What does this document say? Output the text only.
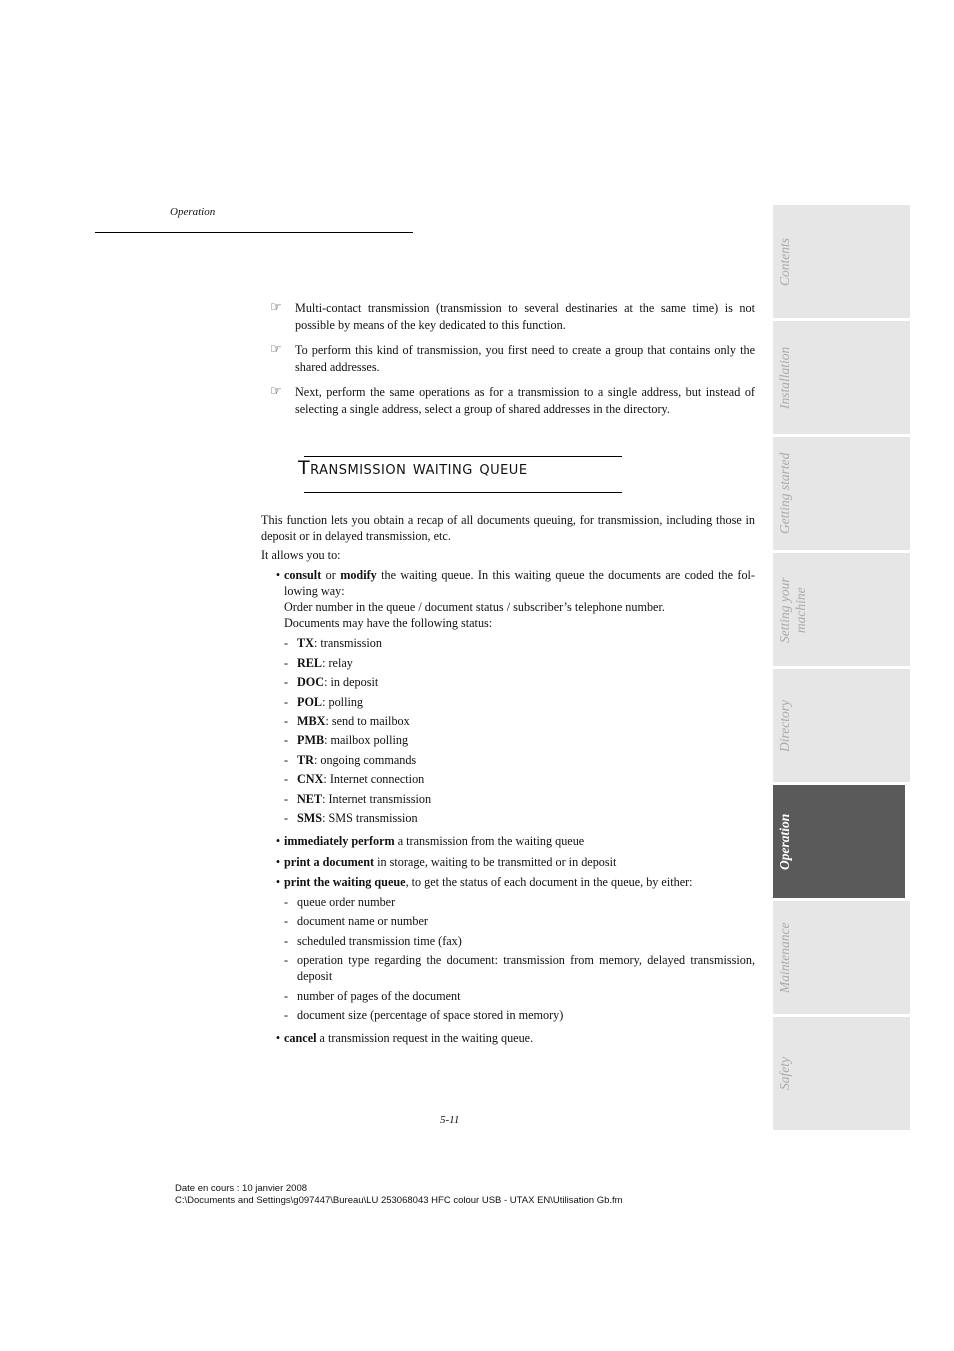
Operation
☞	Multi-contact transmission (transmission to several destinaries at the same time) is not possible by means of the key dedicated to this function.
☞	To perform this kind of transmission, you first need to create a group that contains only the shared addresses.
☞	Next, perform the same operations as for a transmission to a single address, but instead of selecting a single address, select a group of shared addresses in the directory.
Transmission waiting queue

This function lets you obtain a recap of all documents queuing, for transmission, including those in deposit or in delayed transmission, etc.

It allows you to:

• consult or modify the waiting queue. In this waiting queue the documents are coded the fol-lowing way:
Order number in the queue / document status / subscriber’s telephone number.
Documents may have the following status:
- TX: transmission
- REL: relay
- DOC: in deposit
- POL: polling
- MBX: send to mailbox
- PMB: mailbox polling
- TR: ongoing commands
- CNX: Internet connection
- NET: Internet transmission
- SMS: SMS transmission
• immediately perform a transmission from the waiting queue
• print a document in storage, waiting to be transmitted or in deposit
• print the waiting queue, to get the status of each document in the queue, by either:
- queue order number
- document name or number
- scheduled transmission time (fax)
- operation type regarding the document: transmission from memory, delayed transmission, deposit
- number of pages of the document
- document size (percentage of space stored in memory)
• cancel a transmission request in the waiting queue.
5-11
Date en cours : 10 janvier 2008
C:\Documents and Settings\g097447\Bureau\LU 253068043 HFC colour USB - UTAX EN\Utilisation Gb.fm
Contents
Installation
Getting started
Setting your machine
Directory
Operation
Maintenance
Safety
